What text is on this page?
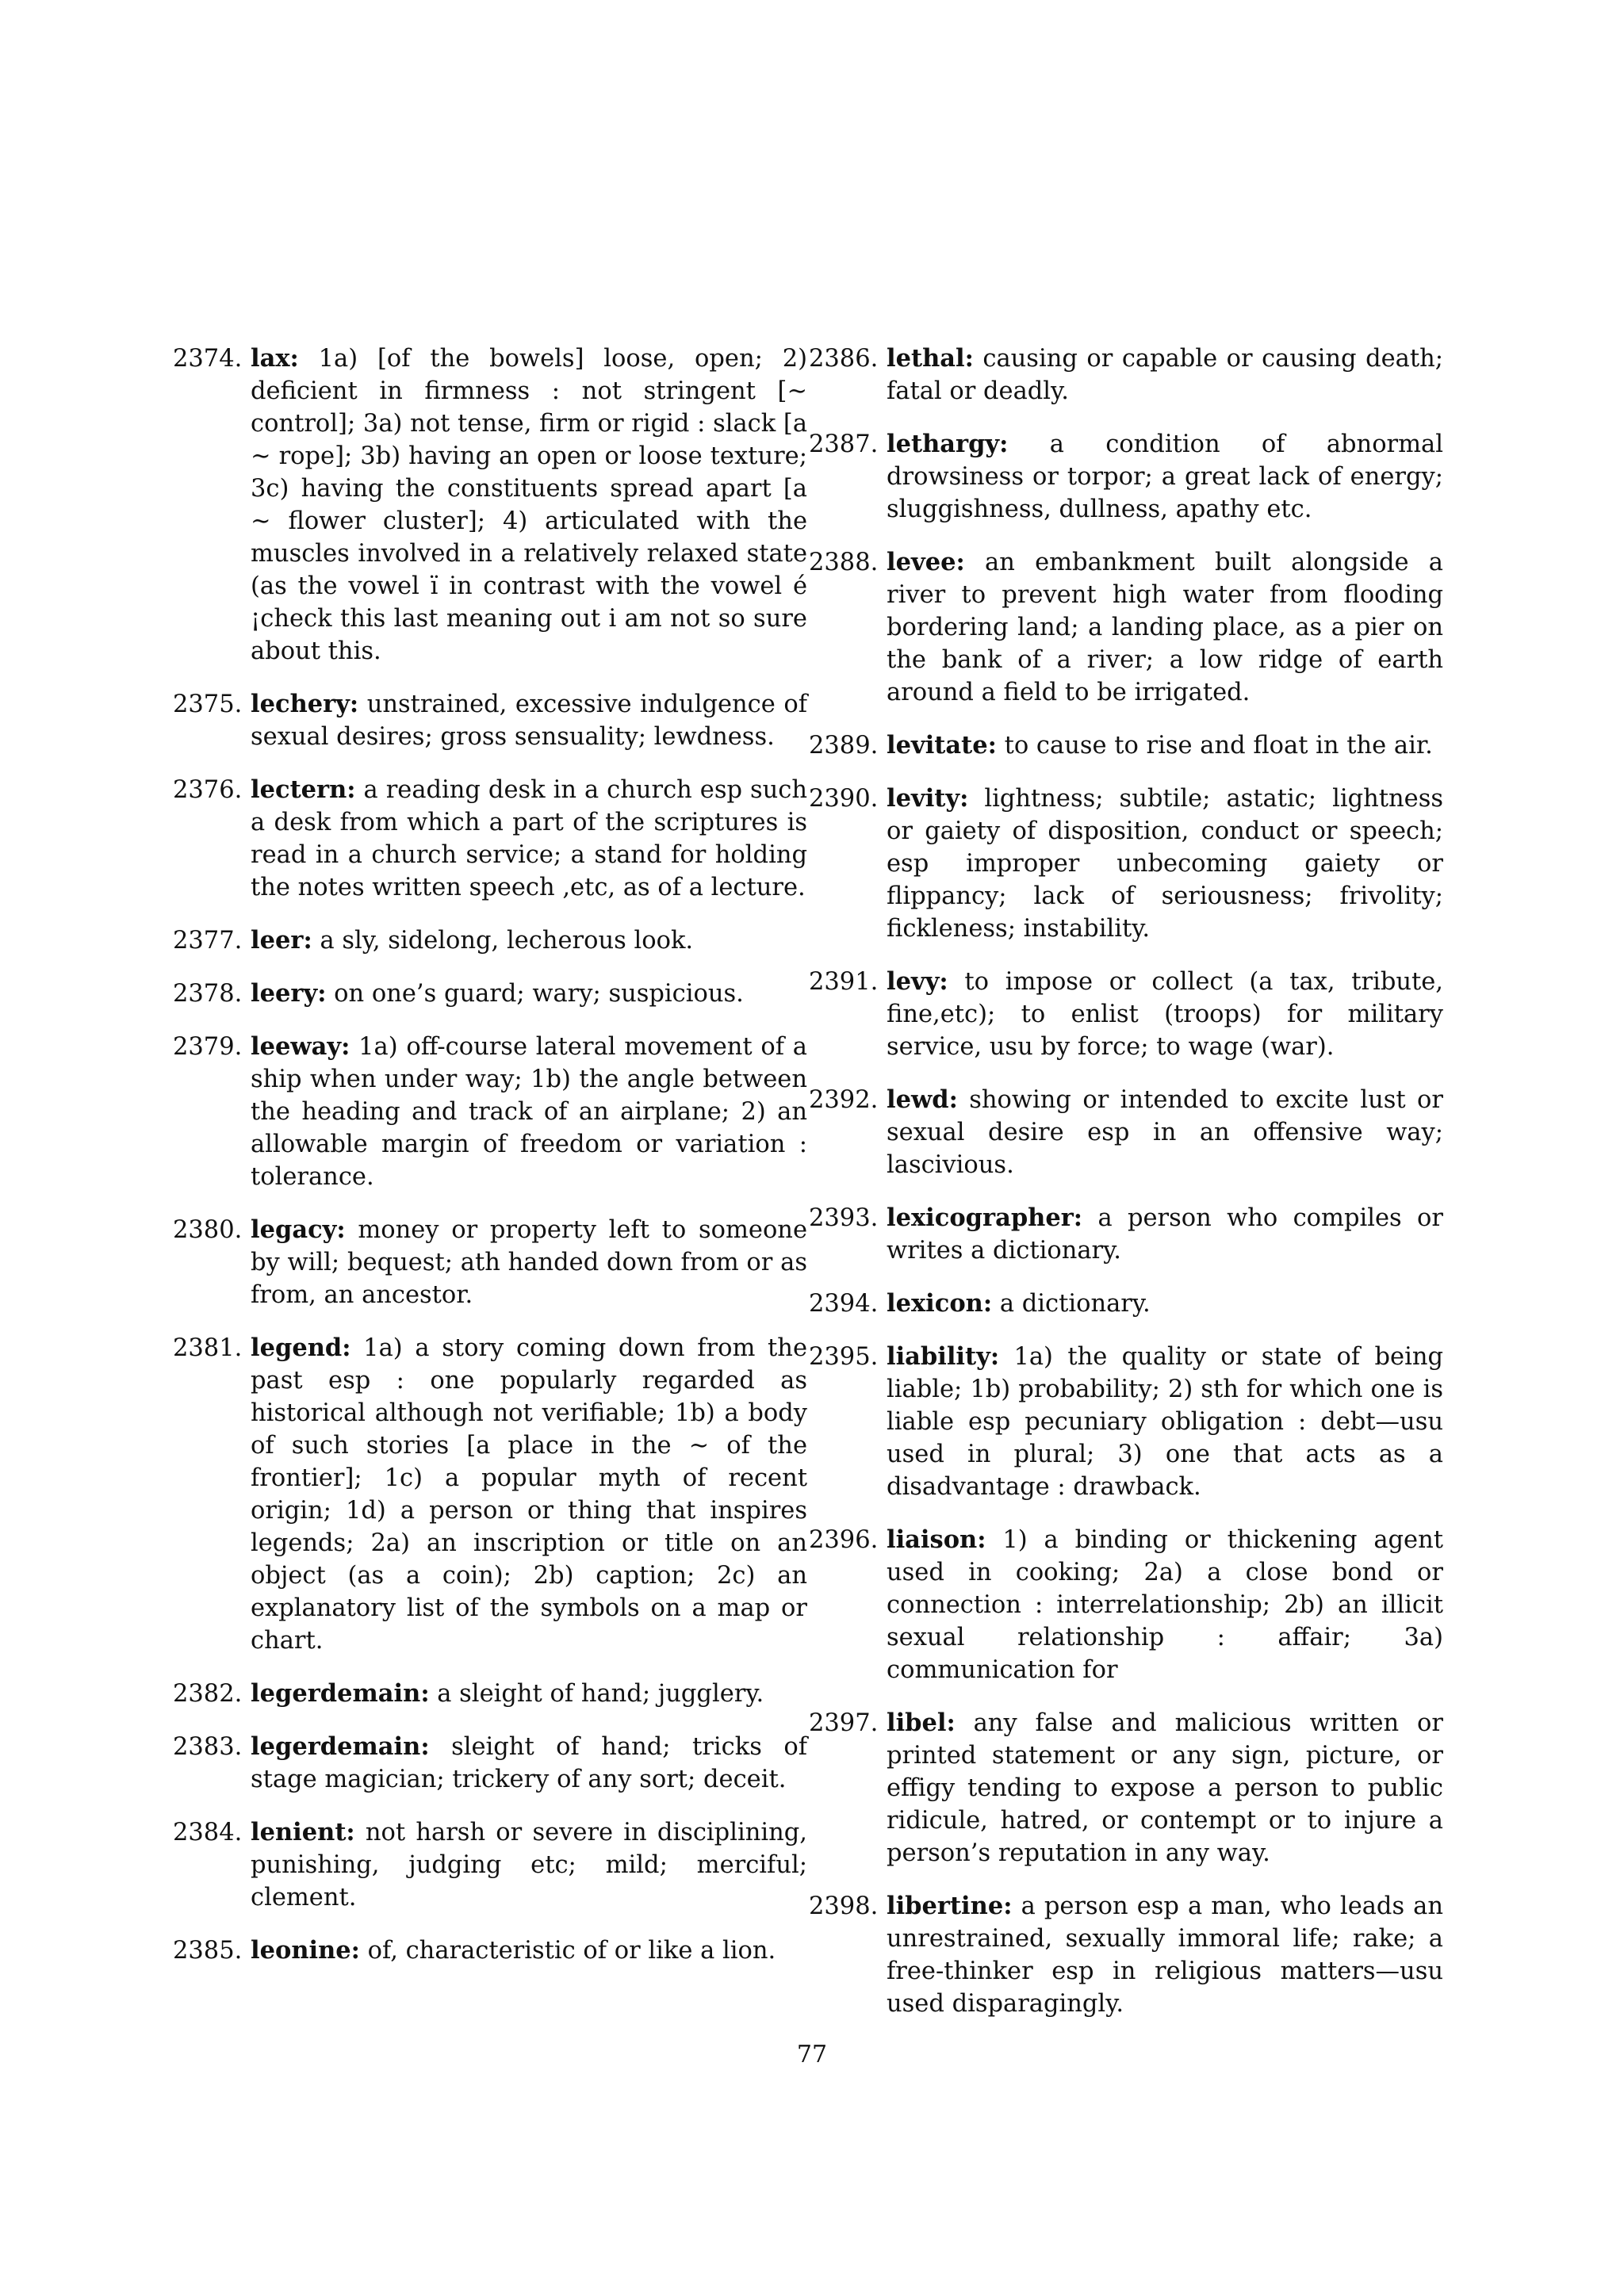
2374. lax: 1a) [of the bowels] loose, open; 2) deficient in firmness : not stringent [∼ control]; 3a) not tense, firm or rigid : slack [a ∼ rope]; 3b) having an open or loose texture; 3c) having the constituents spread apart [a ∼ flower cluster]; 4) articulated with the muscles involved in a relatively relaxed state (as the vowel ï in contrast with the vowel é ¡check this last meaning out i am not so sure about this.
2375. lechery: unstrained, excessive indulgence of sexual desires; gross sensuality; lewdness.
2376. lectern: a reading desk in a church esp such a desk from which a part of the scriptures is read in a church service; a stand for holding the notes written speech ,etc, as of a lecture.
2377. leer: a sly, sidelong, lecherous look.
2378. leery: on one’s guard; wary; suspicious.
2379. leeway: 1a) off-course lateral movement of a ship when under way; 1b) the angle between the heading and track of an airplane; 2) an allowable margin of freedom or variation : tolerance.
2380. legacy: money or property left to someone by will; bequest; ath handed down from or as from, an ancestor.
2381. legend: 1a) a story coming down from the past esp : one popularly regarded as historical although not verifiable; 1b) a body of such stories [a place in the ∼ of the frontier]; 1c) a popular myth of recent origin; 1d) a person or thing that inspires legends; 2a) an inscription or title on an object (as a coin); 2b) caption; 2c) an explanatory list of the symbols on a map or chart.
2382. legerdemain: a sleight of hand; jugglery.
2383. legerdemain: sleight of hand; tricks of stage magician; trickery of any sort; deceit.
2384. lenient: not harsh or severe in disciplining, punishing, judging etc; mild; merciful; clement.
2385. leonine: of, characteristic of or like a lion.
2386. lethal: causing or capable or causing death; fatal or deadly.
2387. lethargy: a condition of abnormal drowsiness or torpor; a great lack of energy; sluggishness, dullness, apathy etc.
2388. levee: an embankment built alongside a river to prevent high water from flooding bordering land; a landing place, as a pier on the bank of a river; a low ridge of earth around a field to be irrigated.
2389. levitate: to cause to rise and float in the air.
2390. levity: lightness; subtile; astatic; lightness or gaiety of disposition, conduct or speech; esp improper unbecoming gaiety or flippancy; lack of seriousness; frivolity; fickleness; instability.
2391. levy: to impose or collect (a tax, tribute, fine,etc); to enlist (troops) for military service, usu by force; to wage (war).
2392. lewd: showing or intended to excite lust or sexual desire esp in an offensive way; lascivious.
2393. lexicographer: a person who compiles or writes a dictionary.
2394. lexicon: a dictionary.
2395. liability: 1a) the quality or state of being liable; 1b) probability; 2) sth for which one is liable esp pecuniary obligation : debt—usu used in plural; 3) one that acts as a disadvantage : drawback.
2396. liaison: 1) a binding or thickening agent used in cooking; 2a) a close bond or connection : interrelationship; 2b) an illicit sexual relationship : affair; 3a) communication for
2397. libel: any false and malicious written or printed statement or any sign, picture, or effigy tending to expose a person to public ridicule, hatred, or contempt or to injure a person’s reputation in any way.
2398. libertine: a person esp a man, who leads an unrestrained, sexually immoral life; rake; a free-thinker esp in religious matters—usu used disparagingly.
77
